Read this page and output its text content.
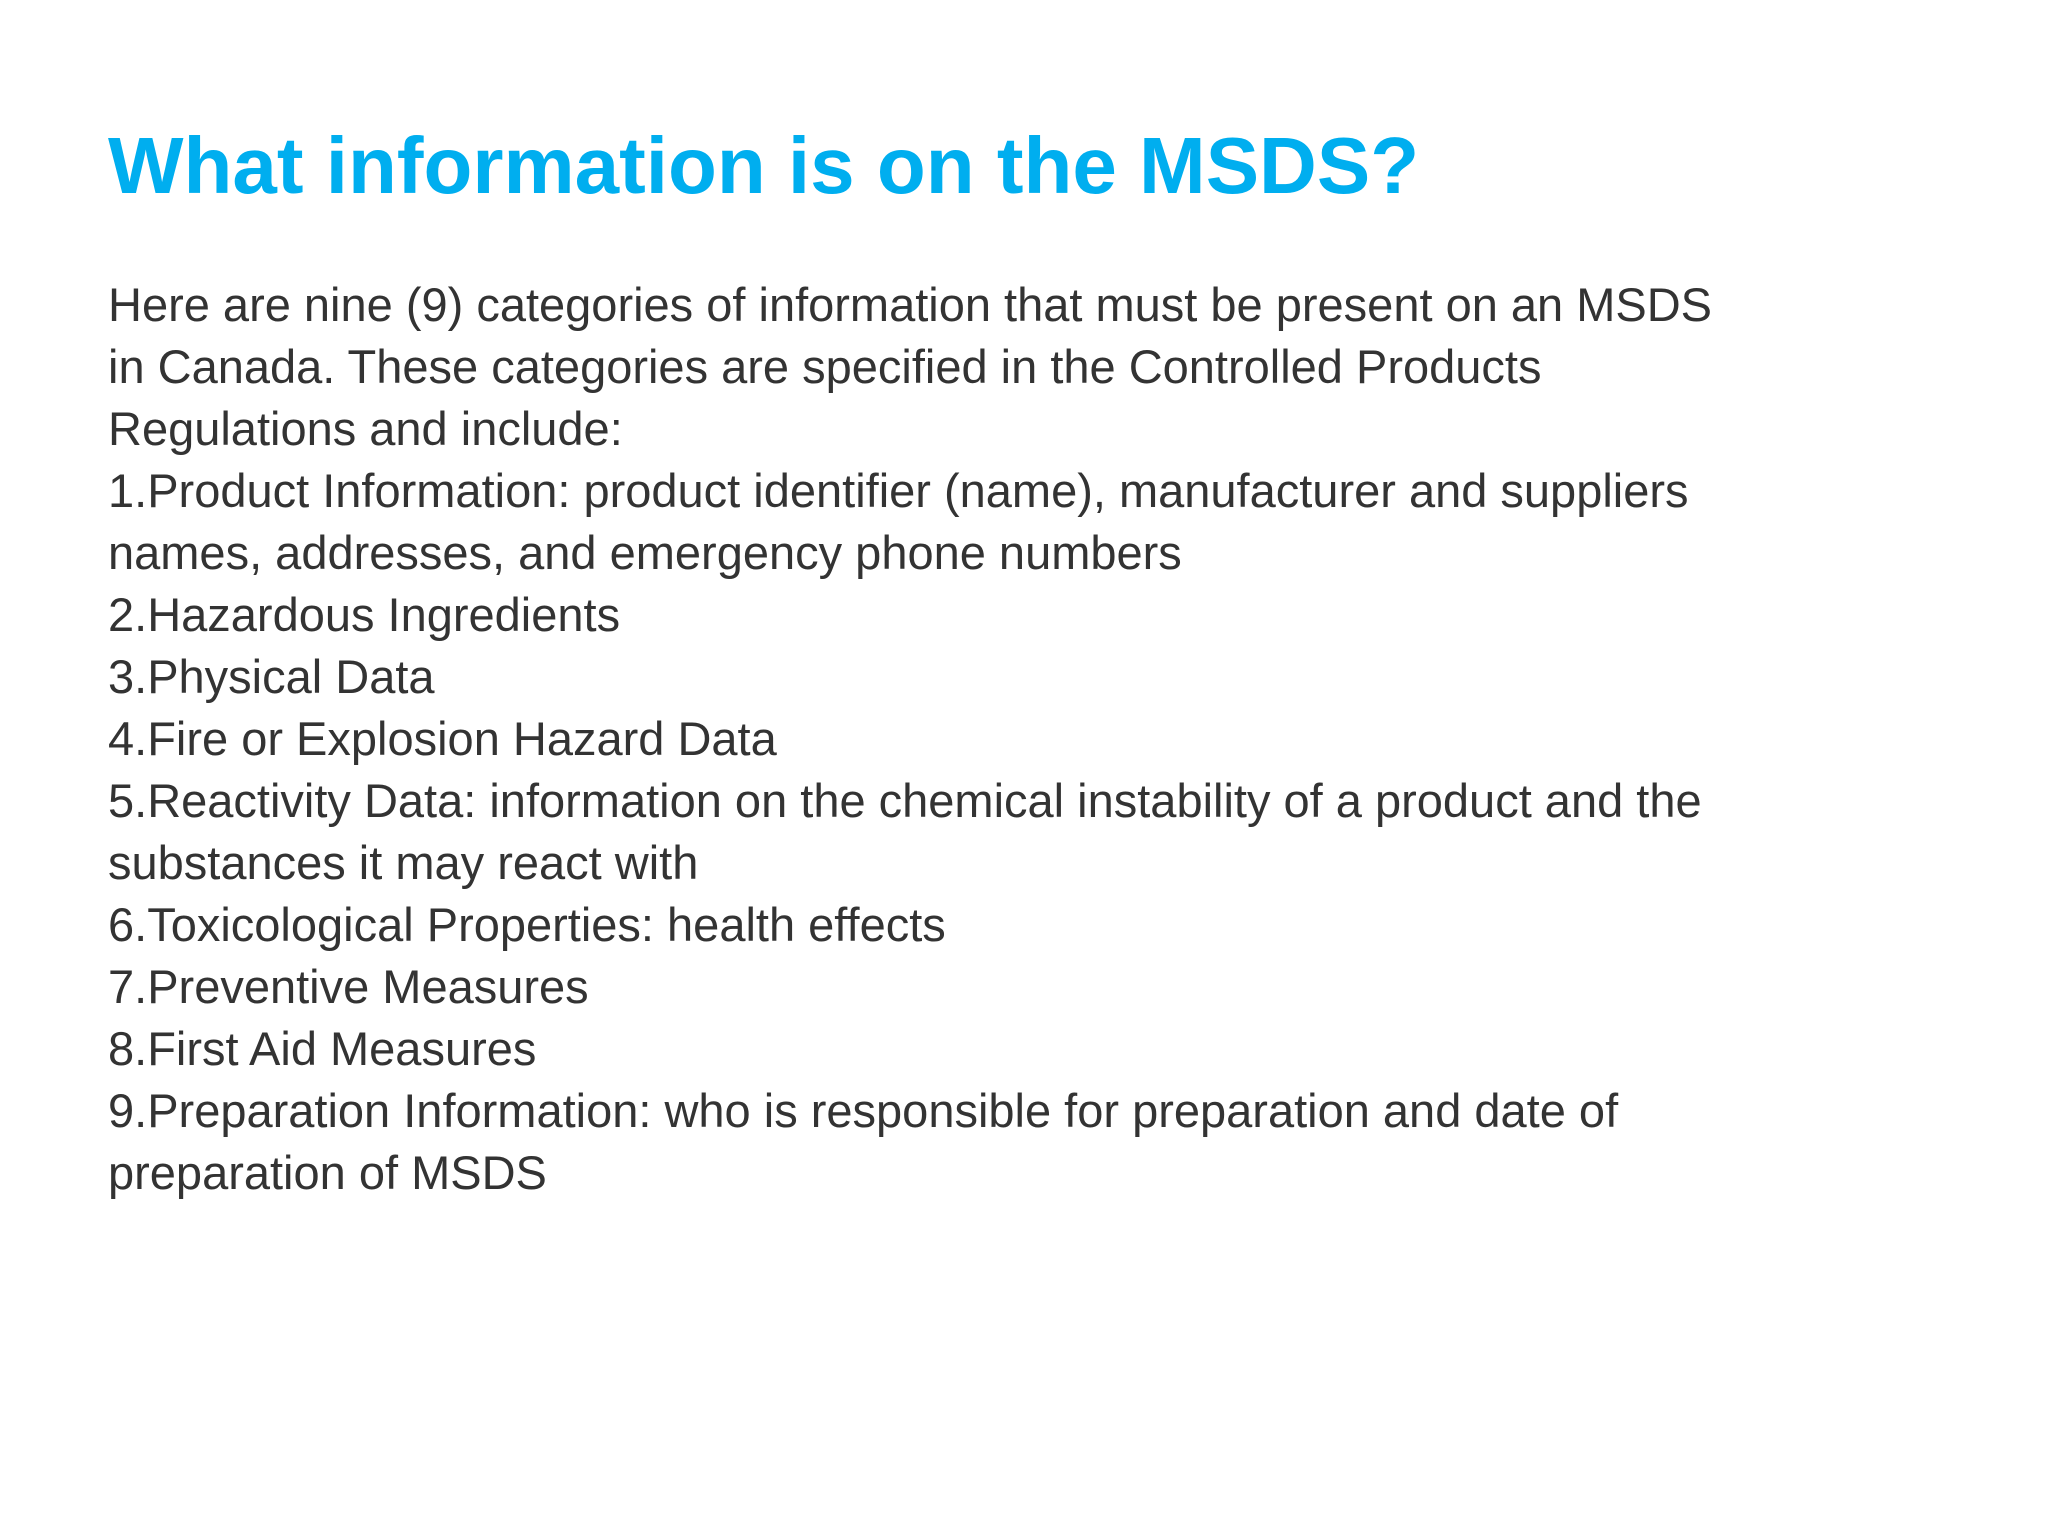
What information is on the MSDS?
Here are nine (9) categories of information that must be present on an MSDS
in Canada. These categories are specified in the Controlled Products
Regulations and include:
1.Product Information: product identifier (name), manufacturer and suppliers
names, addresses, and emergency phone numbers
2.Hazardous Ingredients
3.Physical Data
4.Fire or Explosion Hazard Data
5.Reactivity Data: information on the chemical instability of a product and the
substances it may react with
6.Toxicological Properties: health effects
7.Preventive Measures
8.First Aid Measures
9.Preparation Information: who is responsible for preparation and date of
preparation of MSDS
